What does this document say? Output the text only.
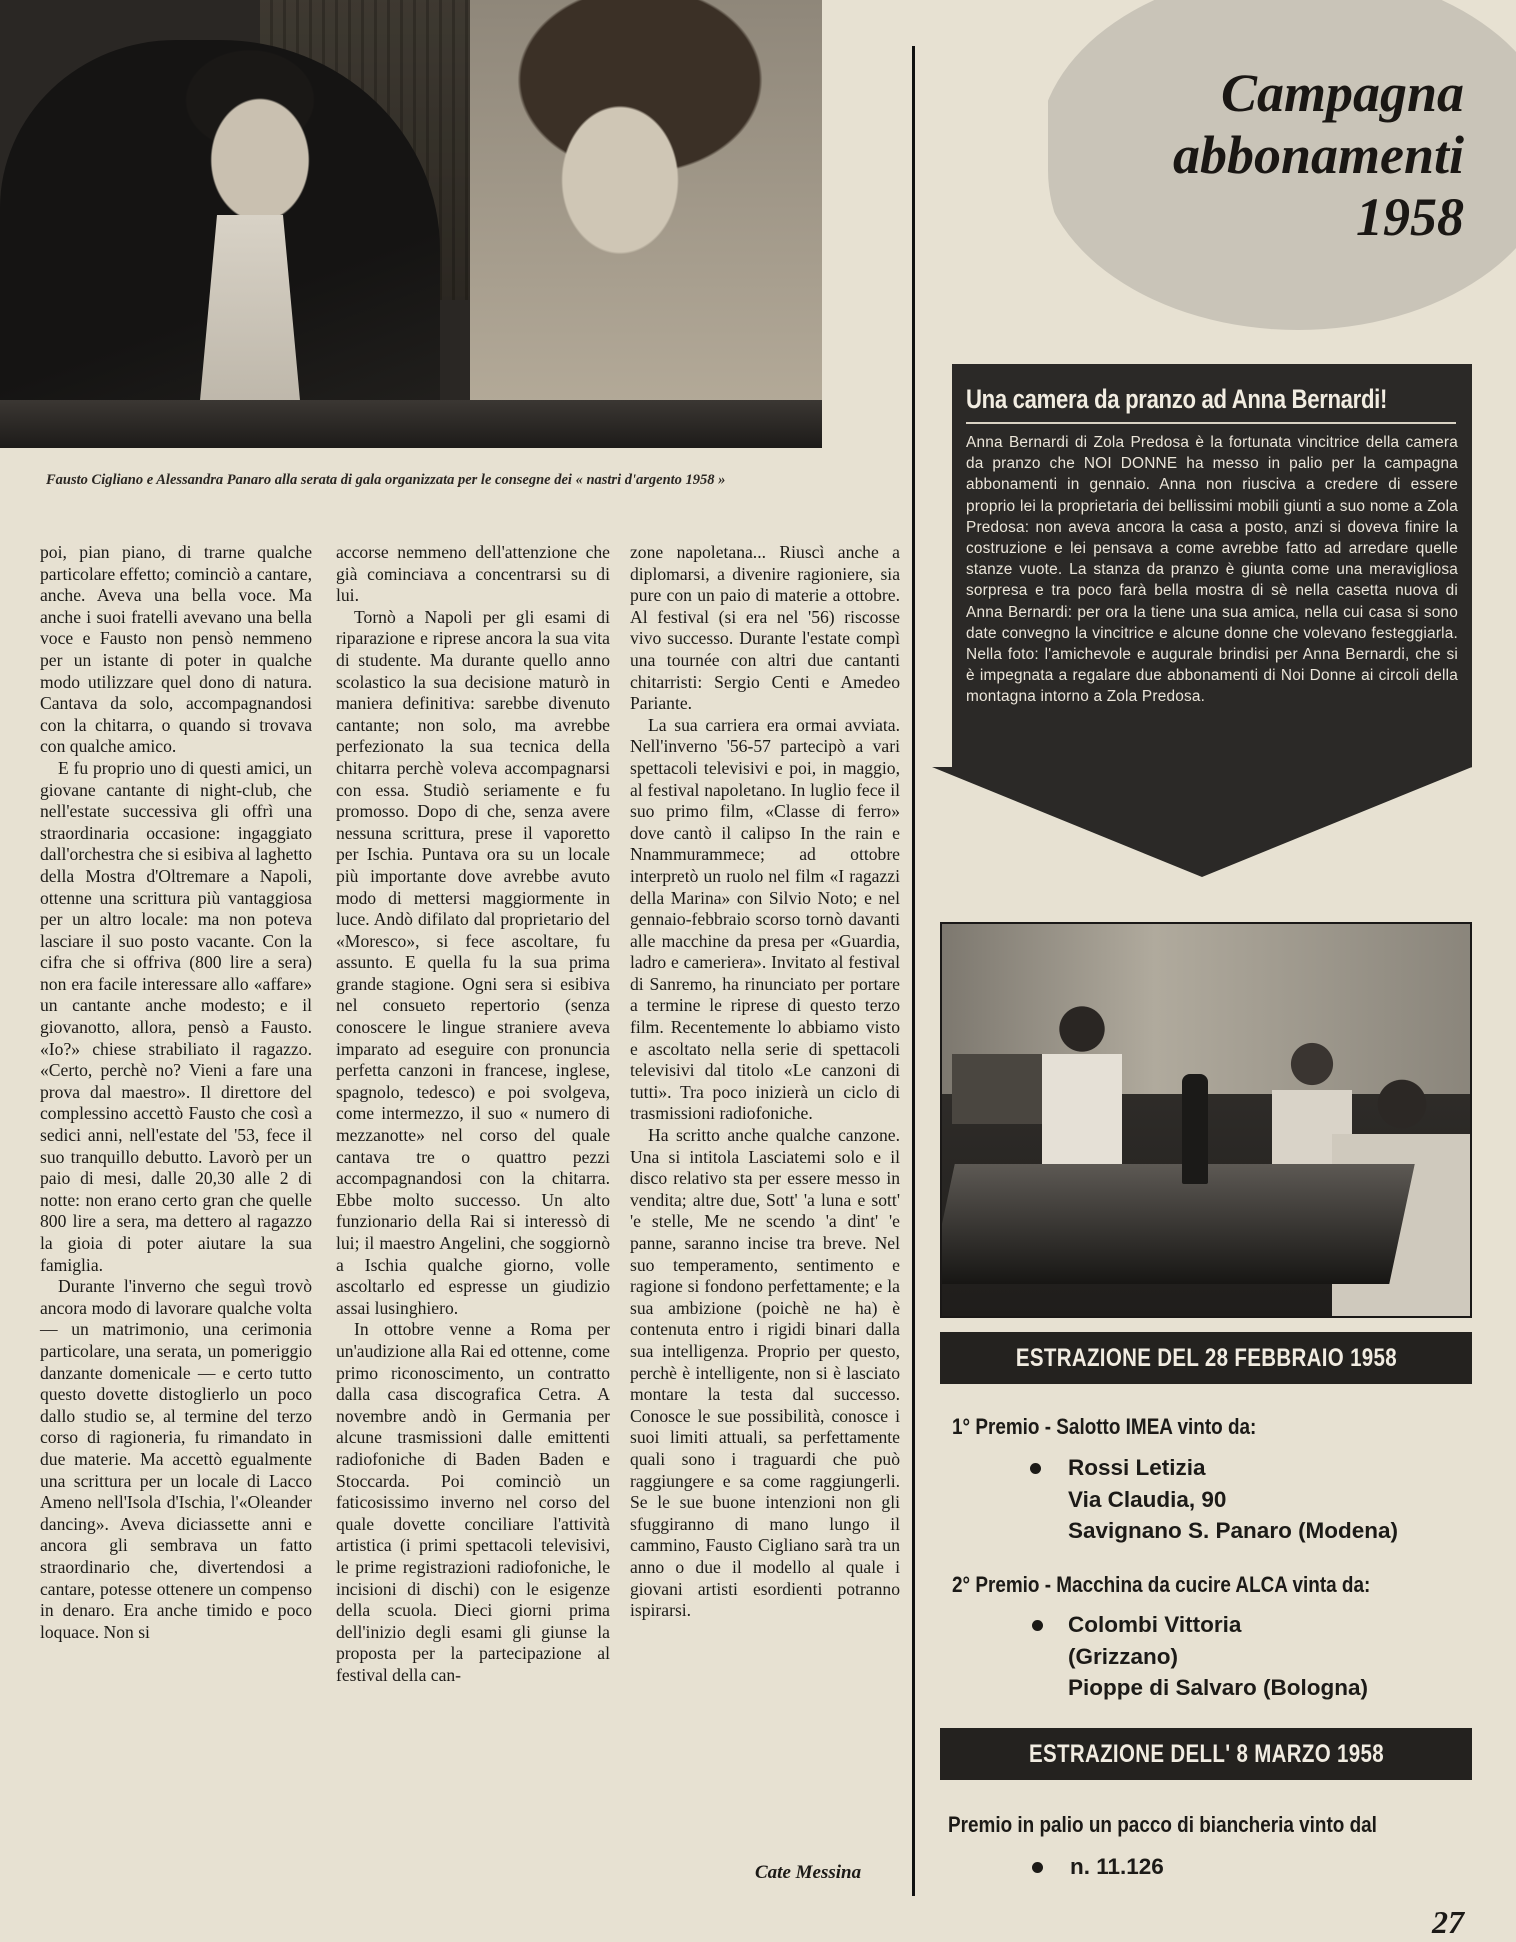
Fausto Cigliano e Alessandra Panaro alla serata di gala organizzata per le consegne dei « nastri d'argento 1958 »

poi, pian piano, di trarne qualche particolare effetto; cominciò a cantare, anche. Aveva una bella voce. Ma anche i suoi fratelli avevano una bella voce e Fausto non pensò nemmeno per un istante di poter in qualche modo utilizzare quel dono di natura. Cantava da solo, accompagnandosi con la chitarra, o quando si trovava con qualche amico.

E fu proprio uno di questi amici, un giovane cantante di night-club, che nell'estate successiva gli offrì una straordinaria occasione: ingaggiato dall'orchestra che si esibiva al laghetto della Mostra d'Oltremare a Napoli, ottenne una scrittura più vantaggiosa per un altro locale: ma non poteva lasciare il suo posto vacante. Con la cifra che si offriva (800 lire a sera) non era facile interessare allo «affare» un cantante anche modesto; e il giovanotto, allora, pensò a Fausto. «Io?» chiese strabiliato il ragazzo. «Certo, perchè no? Vieni a fare una prova dal maestro». Il direttore del complessino accettò Fausto che così a sedici anni, nell'estate del '53, fece il suo tranquillo debutto. Lavorò per un paio di mesi, dalle 20,30 alle 2 di notte: non erano certo gran che quelle 800 lire a sera, ma dettero al ragazzo la gioia di poter aiutare la sua famiglia.

Durante l'inverno che seguì trovò ancora modo di lavorare qualche volta — un matrimonio, una cerimonia particolare, una serata, un pomeriggio danzante domenicale — e certo tutto questo dovette distoglierlo un poco dallo studio se, al termine del terzo corso di ragioneria, fu rimandato in due materie. Ma accettò egualmente una scrittura per un locale di Lacco Ameno nell'Isola d'Ischia, l'«Oleander dancing». Aveva diciassette anni e ancora gli sembrava un fatto straordinario che, divertendosi a cantare, potesse ottenere un compenso in denaro. Era anche timido e poco loquace. Non si

accorse nemmeno dell'attenzione che già cominciava a concentrarsi su di lui.

Tornò a Napoli per gli esami di riparazione e riprese ancora la sua vita di studente. Ma durante quello anno scolastico la sua decisione maturò in maniera definitiva: sarebbe divenuto cantante; non solo, ma avrebbe perfezionato la sua tecnica della chitarra perchè voleva accompagnarsi con essa. Studiò seriamente e fu promosso. Dopo di che, senza avere nessuna scrittura, prese il vaporetto per Ischia. Puntava ora su un locale più importante dove avrebbe avuto modo di mettersi maggiormente in luce. Andò difilato dal proprietario del «Moresco», si fece ascoltare, fu assunto. E quella fu la sua prima grande stagione. Ogni sera si esibiva nel consueto repertorio (senza conoscere le lingue straniere aveva imparato ad eseguire con pronuncia perfetta canzoni in francese, inglese, spagnolo, tedesco) e poi svolgeva, come intermezzo, il suo « numero di mezzanotte» nel corso del quale cantava tre o quattro pezzi accompagnandosi con la chitarra. Ebbe molto successo. Un alto funzionario della Rai si interessò di lui; il maestro Angelini, che soggiornò a Ischia qualche giorno, volle ascoltarlo ed espresse un giudizio assai lusinghiero.

In ottobre venne a Roma per un'audizione alla Rai ed ottenne, come primo riconoscimento, un contratto dalla casa discografica Cetra. A novembre andò in Germania per alcune trasmissioni dalle emittenti radiofoniche di Baden Baden e Stoccarda. Poi cominciò un faticosissimo inverno nel corso del quale dovette conciliare l'attività artistica (i primi spettacoli televisivi, le prime registrazioni radiofoniche, le incisioni di dischi) con le esigenze della scuola. Dieci giorni prima dell'inizio degli esami gli giunse la proposta per la partecipazione al festival della can-

zone napoletana... Riuscì anche a diplomarsi, a divenire ragioniere, sia pure con un paio di materie a ottobre. Al festival (si era nel '56) riscosse vivo successo. Durante l'estate compì una tournée con altri due cantanti chitarristi: Sergio Centi e Amedeo Pariante.

La sua carriera era ormai avviata. Nell'inverno '56-57 partecipò a vari spettacoli televisivi e poi, in maggio, al festival napoletano. In luglio fece il suo primo film, «Classe di ferro» dove cantò il calipso In the rain e Nnammurammece; ad ottobre interpretò un ruolo nel film «I ragazzi della Marina» con Silvio Noto; e nel gennaio-febbraio scorso tornò davanti alle macchine da presa per «Guardia, ladro e cameriera». Invitato al festival di Sanremo, ha rinunciato per portare a termine le riprese di questo terzo film. Recentemente lo abbiamo visto e ascoltato nella serie di spettacoli televisivi dal titolo «Le canzoni di tutti». Tra poco inizierà un ciclo di trasmissioni radiofoniche.

Ha scritto anche qualche canzone. Una si intitola Lasciatemi solo e il disco relativo sta per essere messo in vendita; altre due, Sott' 'a luna e sott' 'e stelle, Me ne scendo 'a dint' 'e panne, saranno incise tra breve. Nel suo temperamento, sentimento e ragione si fondono perfettamente; e la sua ambizione (poichè ne ha) è contenuta entro i rigidi binari dalla sua intelligenza. Proprio per questo, perchè è intelligente, non si è lasciato montare la testa dal successo. Conosce le sue possibilità, conosce i suoi limiti attuali, sa perfettamente quali sono i traguardi che può raggiungere e sa come raggiungerli. Se le sue buone intenzioni non gli sfuggiranno di mano lungo il cammino, Fausto Cigliano sarà tra un anno o due il modello al quale i giovani artisti esordienti potranno ispirarsi.

Cate Messina
Campagna
abbonamenti
1958
Una camera da pranzo ad Anna Bernardi!
Anna Bernardi di Zola Predosa è la fortunata vincitrice della camera da pranzo che NOI DONNE ha messo in palio per la campagna abbonamenti in gennaio. Anna non riusciva a credere di essere proprio lei la proprietaria dei bellissimi mobili giunti a suo nome a Zola Predosa: non aveva ancora la casa a posto, anzi si doveva finire la costruzione e lei pensava a come avrebbe fatto ad arredare quelle stanze vuote. La stanza da pranzo è giunta come una meravigliosa sorpresa e tra poco farà bella mostra di sè nella casetta nuova di Anna Bernardi: per ora la tiene una sua amica, nella cui casa si sono date convegno la vincitrice e alcune donne che volevano festeggiarla. Nella foto: l'amichevole e augurale brindisi per Anna Bernardi, che si è impegnata a regalare due abbonamenti di Noi Donne ai circoli della montagna intorno a Zola Predosa.
ESTRAZIONE DEL 28 FEBBRAIO 1958
1° Premio - Salotto IMEA vinto da:
Rossi Letizia
Via Claudia, 90
Savignano S. Panaro (Modena)
2° Premio - Macchina da cucire ALCA vinta da:
Colombi Vittoria
(Grizzano)
Pioppe di Salvaro (Bologna)
ESTRAZIONE DELL' 8 MARZO 1958
Premio in palio un pacco di biancheria vinto dal
n. 11.126
27
